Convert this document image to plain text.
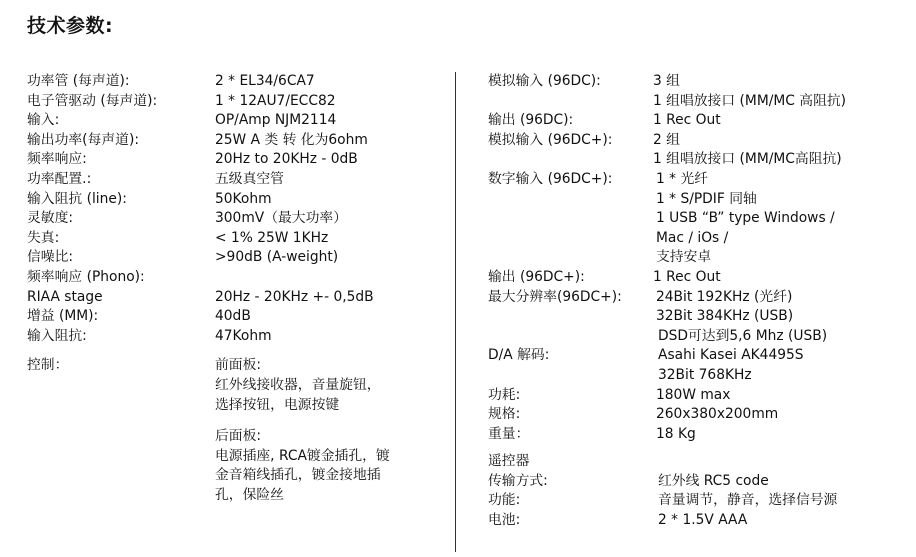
技术参数:
功率管 (每声道):	2 * EL34/6CA7
电子管驱动 (每声道):	1 * 12AU7/ECC82
输入:	OP/Amp NJM2114
输出功率(每声道):	25W A 类 转 化为6ohm
频率响应:	20Hz to 20KHz - 0dB
功率配置.:	五级真空管
输入阻抗 (line):	50Kohm
灵敏度:	300mV（最大功率）
失真:	< 1% 25W 1KHz
信噪比:	>90dB (A-weight)
频率响应 (Phono):
RIAA stage	20Hz - 20KHz +- 0,5dB
增益 (MM):	40dB
输入阻抗:	47Kohm
控制：	前面板:
红外线接收器，音量旋钮，
选择按钮，电源按键
后面板:
电源插座, RCA镀金插孔，镀
金音箱线插孔，镀金接地插
孔，保险丝
模拟输入 (96DC):	3 组
1 组唱放接口 (MM/MC 高阻抗)
输出 (96DC):	1 Rec Out
模拟输入 (96DC+):	2 组
1 组唱放接口 (MM/MC高阻抗)
数字输入 (96DC+):	1 * 光纤
1 * S/PDIF 同轴
1 USB “B” type Windows /
Mac / iOs /
支持安卓
输出 (96DC+):	1 Rec Out
最大分辨率(96DC+): 24Bit 192KHz (光纤)
32Bit 384KHz (USB)
DSD可达到5,6 Mhz (USB)
D/A 解码:	Asahi Kasei AK4495S
32Bit 768KHz
功耗:	180W max
规格:	260x380x200mm
重量：	18 Kg
遥控器
传输方式:	红外线 RC5 code
功能:	音量调节，静音，选择信号源
电池:	2 * 1.5V AAA
